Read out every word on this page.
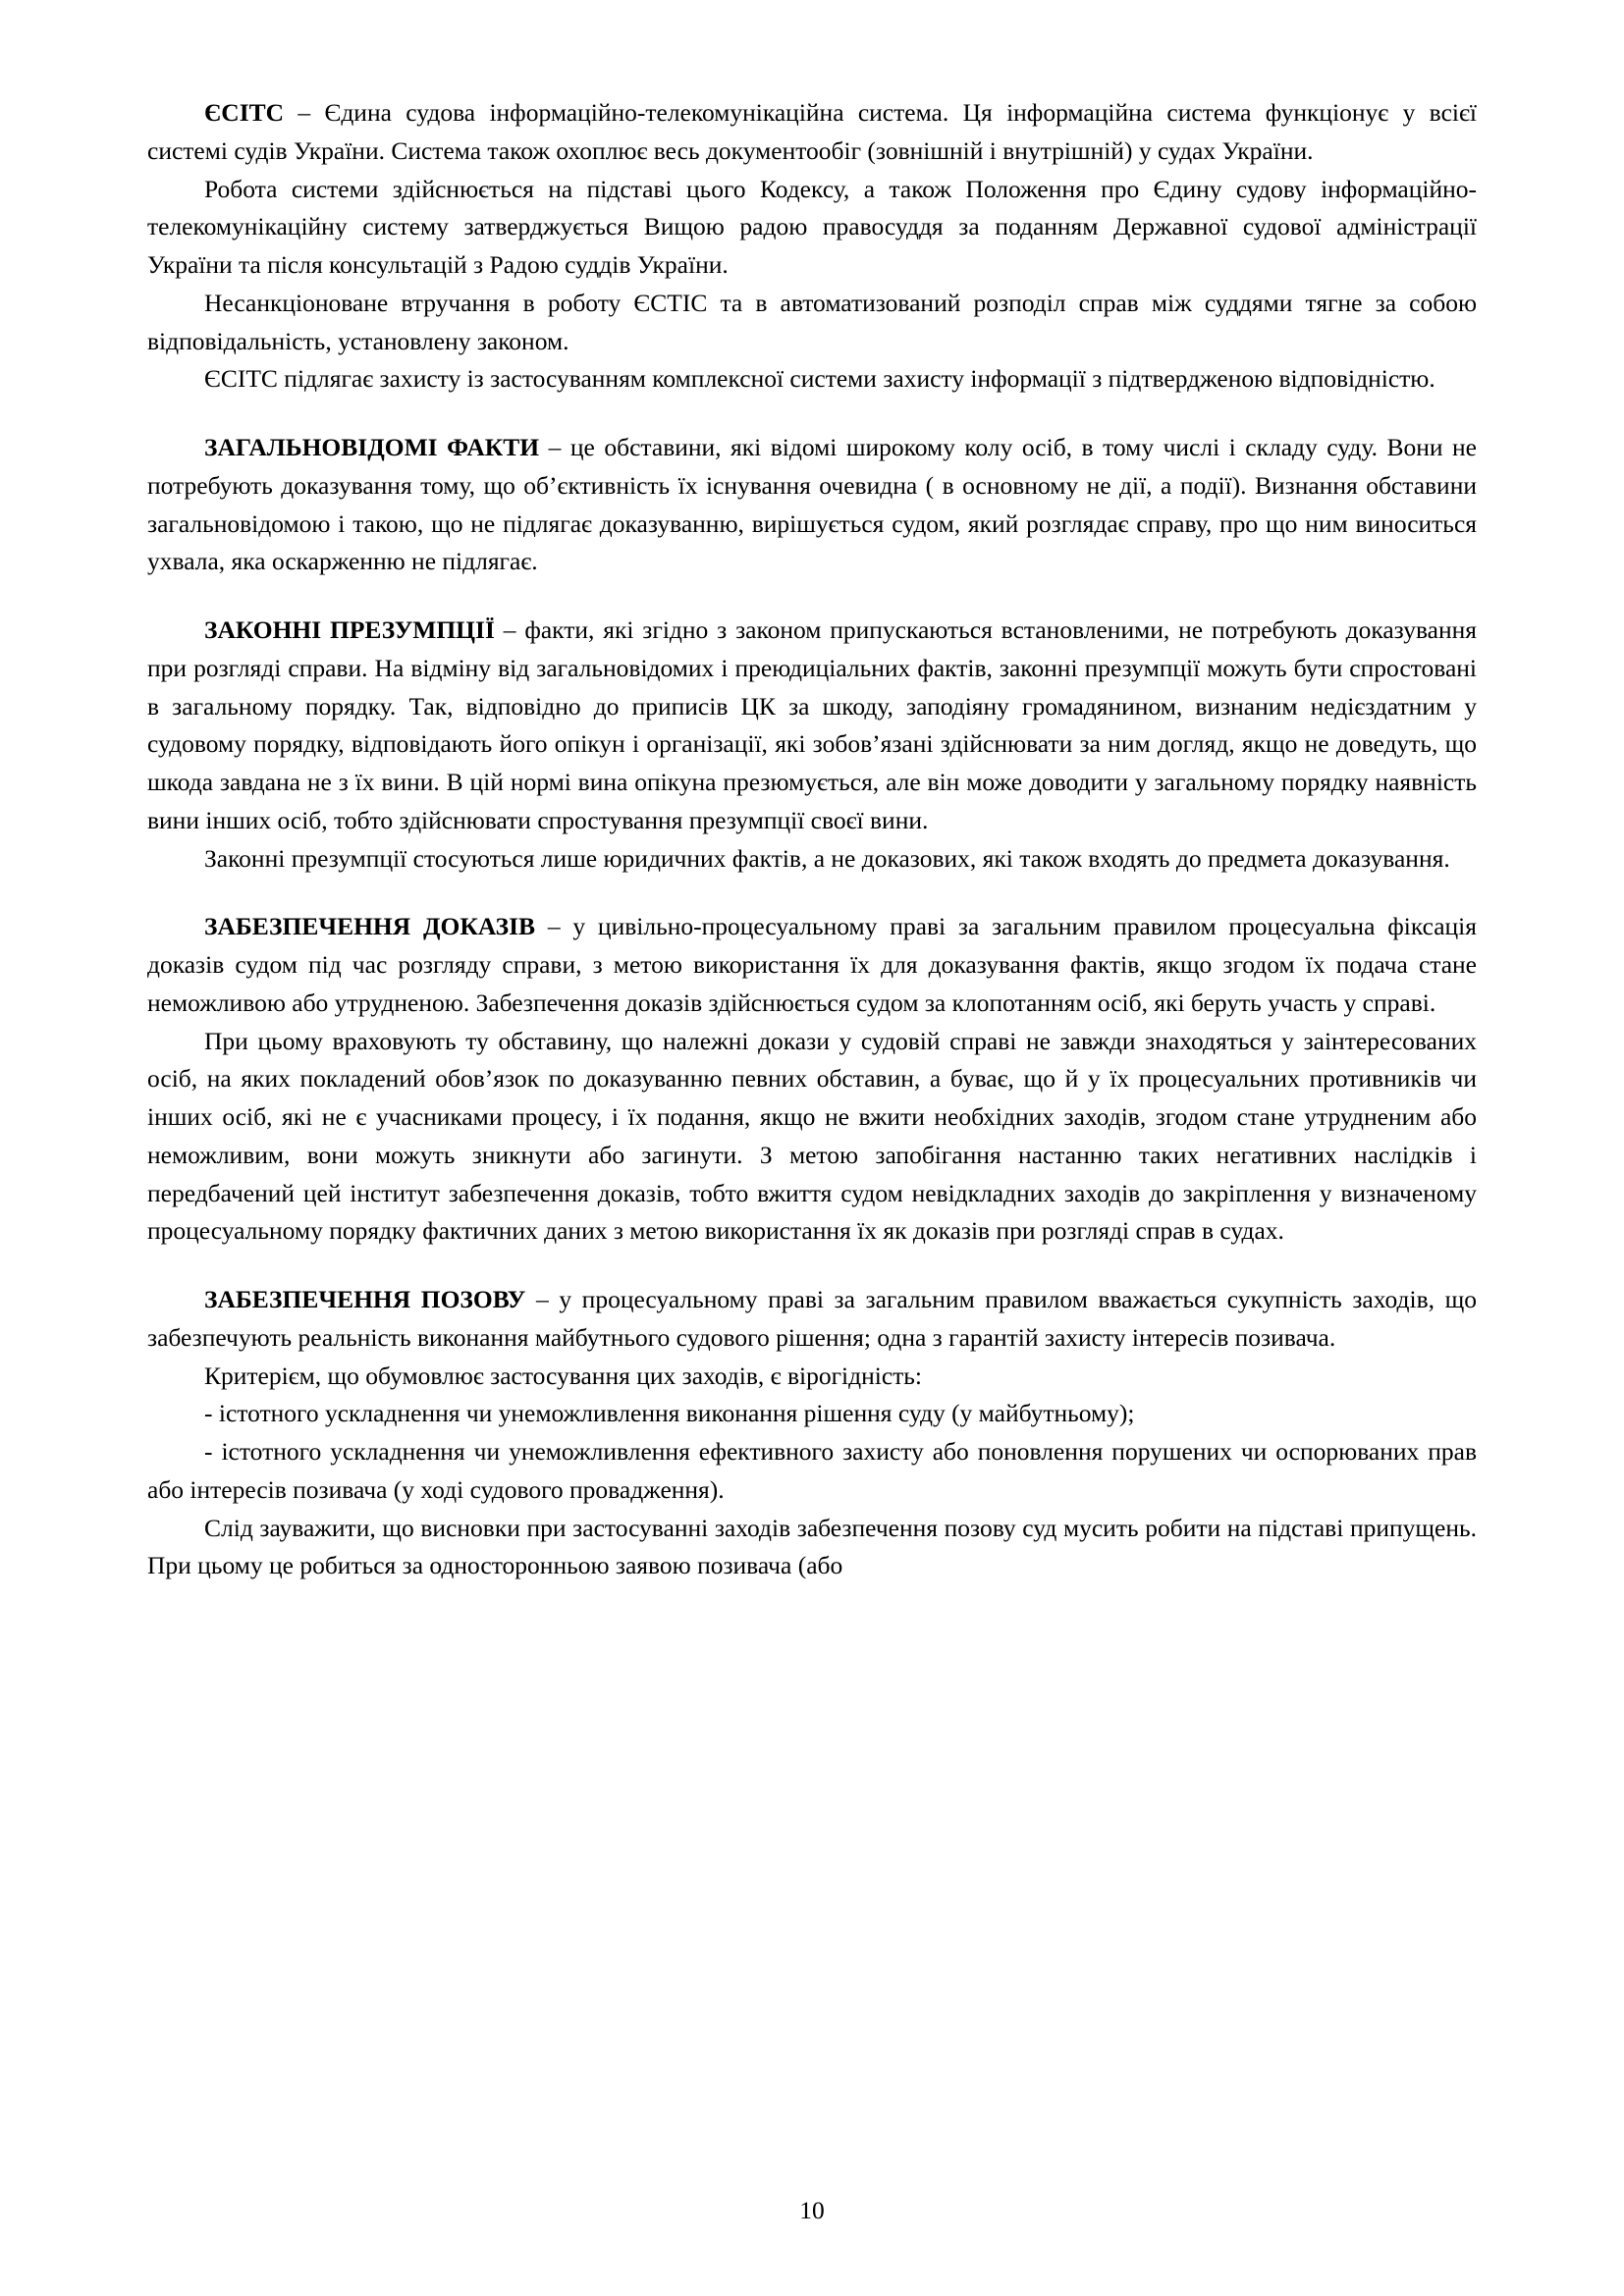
ЄСІТС – Єдина судова інформаційно-телекомунікаційна система. Ця інформаційна система функціонує у всієї системі судів України. Система також охоплює весь документообіг (зовнішній і внутрішній) у судах України.

Робота системи здійснюється на підставі цього Кодексу, а також Положення про Єдину судову інформаційно-телекомунікаційну систему затверджується Вищою радою правосуддя за поданням Державної судової адміністрації України та після консультацій з Радою суддів України.

Несанкціоноване втручання в роботу ЄСТІС та в автоматизований розподіл справ між суддями тягне за собою відповідальність, установлену законом.

ЄСІТС підлягає захисту із застосуванням комплексної системи захисту інформації з підтвердженою відповідністю.

ЗАГАЛЬНОВІДОМІ ФАКТИ – це обставини, які відомі широкому колу осіб, в тому числі і складу суду. Вони не потребують доказування тому, що об’єктивність їх існування очевидна ( в основному не дії, а події). Визнання обставини загальновідомою і такою, що не підлягає доказуванню, вирішується судом, який розглядає справу, про що ним виноситься ухвала, яка оскарженню не підлягає.

ЗАКОННІ ПРЕЗУМПЦІЇ – факти, які згідно з законом припускаються встановленими, не потребують доказування при розгляді справи. На відміну від загальновідомих і преюдиціальних фактів, законні презумпції можуть бути спростовані в загальному порядку. Так, відповідно до приписів ЦК за шкоду, заподіяну громадянином, визнаним недієздатним у судовому порядку, відповідають його опікун і організації, які зобов’язані здійснювати за ним догляд, якщо не доведуть, що шкода завдана не з їх вини. В цій нормі вина опікуна презюмується, але він може доводити у загальному порядку наявність вини інших осіб, тобто здійснювати спростування презумпції своєї вини.

Законні презумпції стосуються лише юридичних фактів, а не доказових, які також входять до предмета доказування.

ЗАБЕЗПЕЧЕННЯ ДОКАЗІВ – у цивільно-процесуальному праві за загальним правилом процесуальна фіксація доказів судом під час розгляду справи, з метою використання їх для доказування фактів, якщо згодом їх подача стане неможливою або утрудненою. Забезпечення доказів здійснюється судом за клопотанням осіб, які беруть участь у справі.

При цьому враховують ту обставину, що належні докази у судовій справі не завжди знаходяться у заінтересованих осіб, на яких покладений обов’язок по доказуванню певних обставин, а буває, що й у їх процесуальних противників чи інших осіб, які не є учасниками процесу, і їх подання, якщо не вжити необхідних заходів, згодом стане утрудненим або неможливим, вони можуть зникнути або загинути. З метою запобігання настанню таких негативних наслідків і передбачений цей інститут забезпечення доказів, тобто вжиття судом невідкладних заходів до закріплення у визначеному процесуальному порядку фактичних даних з метою використання їх як доказів при розгляді справ в судах.

ЗАБЕЗПЕЧЕННЯ ПОЗОВУ – у процесуальному праві за загальним правилом вважається сукупність заходів, що забезпечують реальність виконання майбутнього судового рішення; одна з гарантій захисту інтересів позивача.

Критерієм, що обумовлює застосування цих заходів, є вірогідність:

- істотного ускладнення чи унеможливлення виконання рішення суду (у майбутньому);

- істотного ускладнення чи унеможливлення ефективного захисту або поновлення порушених чи оспорюваних прав або інтересів позивача (у ході судового провадження).

Слід зауважити, що висновки при застосуванні заходів забезпечення позову суд мусить робити на підставі припущень. При цьому це робиться за односторонньою заявою позивача (або

10
